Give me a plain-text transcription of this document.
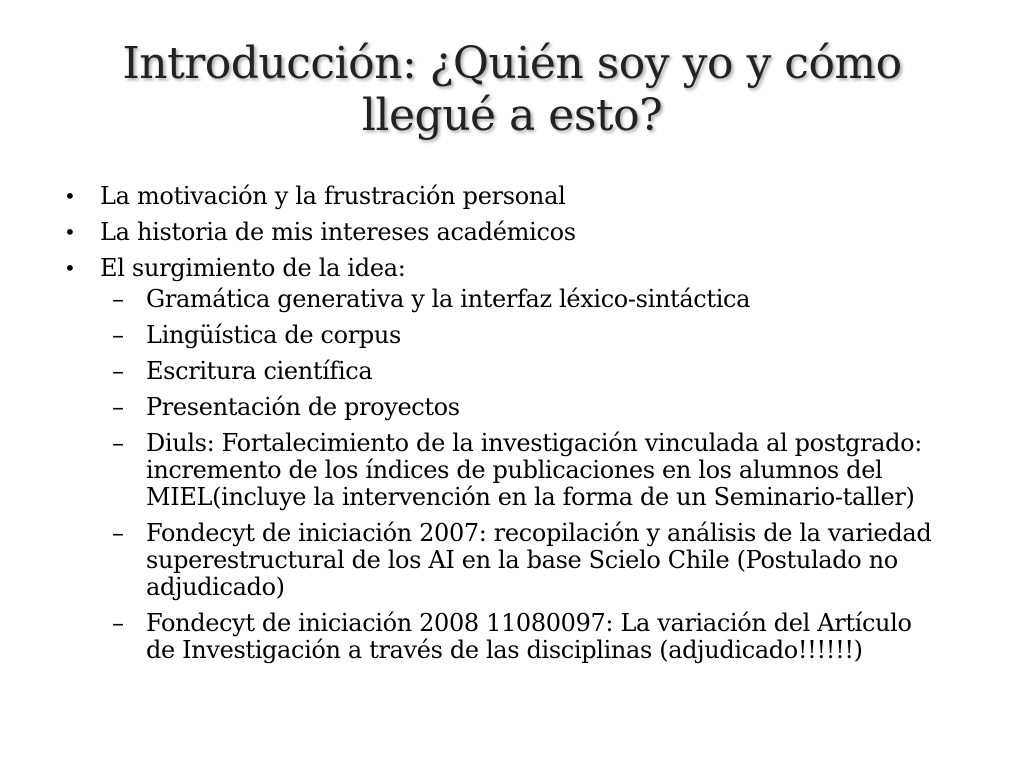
Introducción: ¿Quién soy yo y cómo llegué a esto?
• La motivación y la frustración personal
• La historia de mis intereses académicos
• El surgimiento de la idea:
– Gramática generativa y la interfaz léxico-sintáctica
– Lingüística de corpus
– Escritura científica
– Presentación de proyectos
– Diuls: Fortalecimiento de la investigación vinculada al postgrado: incremento de los índices de publicaciones en los alumnos del MIEL(incluye la intervención en la forma de un Seminario-taller)
– Fondecyt de iniciación 2007: recopilación y análisis de la variedad superestructural de los AI en la base Scielo Chile (Postulado no adjudicado)
– Fondecyt de iniciación 2008 11080097: La variación del Artículo de Investigación a través de las disciplinas (adjudicado!!!!!!)
